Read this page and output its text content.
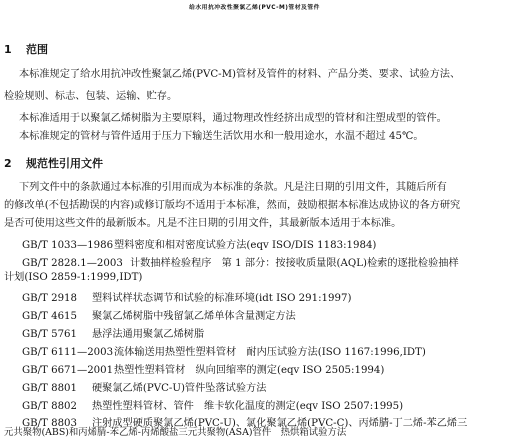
给水用抗冲改性聚氯乙烯(PVC-M)管材及管件
1 范围
本标准规定了给水用抗冲改性聚氯乙烯(PVC-M)管材及管件的材料、产品分类、要求、试验方法、
检验规则、标志、包装、运输、贮存。
本标准适用于以聚氯乙烯树脂为主要原料，通过物理改性经挤出成型的管材和注塑成型的管件。
本标准规定的管材与管件适用于压力下输送生活饮用水和一般用途水，水温不超过 45℃。
2 规范性引用文件
下列文件中的条款通过本标准的引用而成为本标准的条款。凡是注日期的引用文件，其随后所有
的修改单(不包括勘误的内容)或修订版均不适用于本标准，然而，鼓励根据本标准达成协议的各方研究
是否可使用这些文件的最新版本。凡是不注日期的引用文件，其最新版本适用于本标准。
GB/T 1033—1986塑料密度和相对密度试验方法(eqv ISO/DIS 1183:1984)
GB/T 2828.1—2003 计数抽样检验程序　第 1 部分：按接收质量限(AQL)检索的逐批检验抽样
计划(ISO 2859-1:1999,IDT)
GB/T 2918 塑料试样状态调节和试验的标准环境(idt ISO 291:1997)
GB/T 4615 聚氯乙烯树脂中残留氯乙烯单体含量测定方法
GB/T 5761 悬浮法通用聚氯乙烯树脂
GB/T 6111—2003流体输送用热塑性塑料管材　耐内压试验方法(ISO 1167:1996,IDT)
GB/T 6671—2001热塑性塑料管材　纵向回缩率的测定(eqv ISO 2505:1994)
GB/T 8801 硬聚氯乙烯(PVC-U)管件坠落试验方法
GB/T 8802 热塑性塑料管材、管件　维卡软化温度的测定(eqv ISO 2507:1995)
GB/T 8803 注射成型硬质聚氯乙烯(PVC-U)、氯化聚氯乙烯(PVC-C)、丙烯腈-丁二烯-苯乙烯三
元共聚物(ABS)和丙烯腈-苯乙烯-丙烯酸盐三元共聚物(ASA)管件　热烘箱试验方法
